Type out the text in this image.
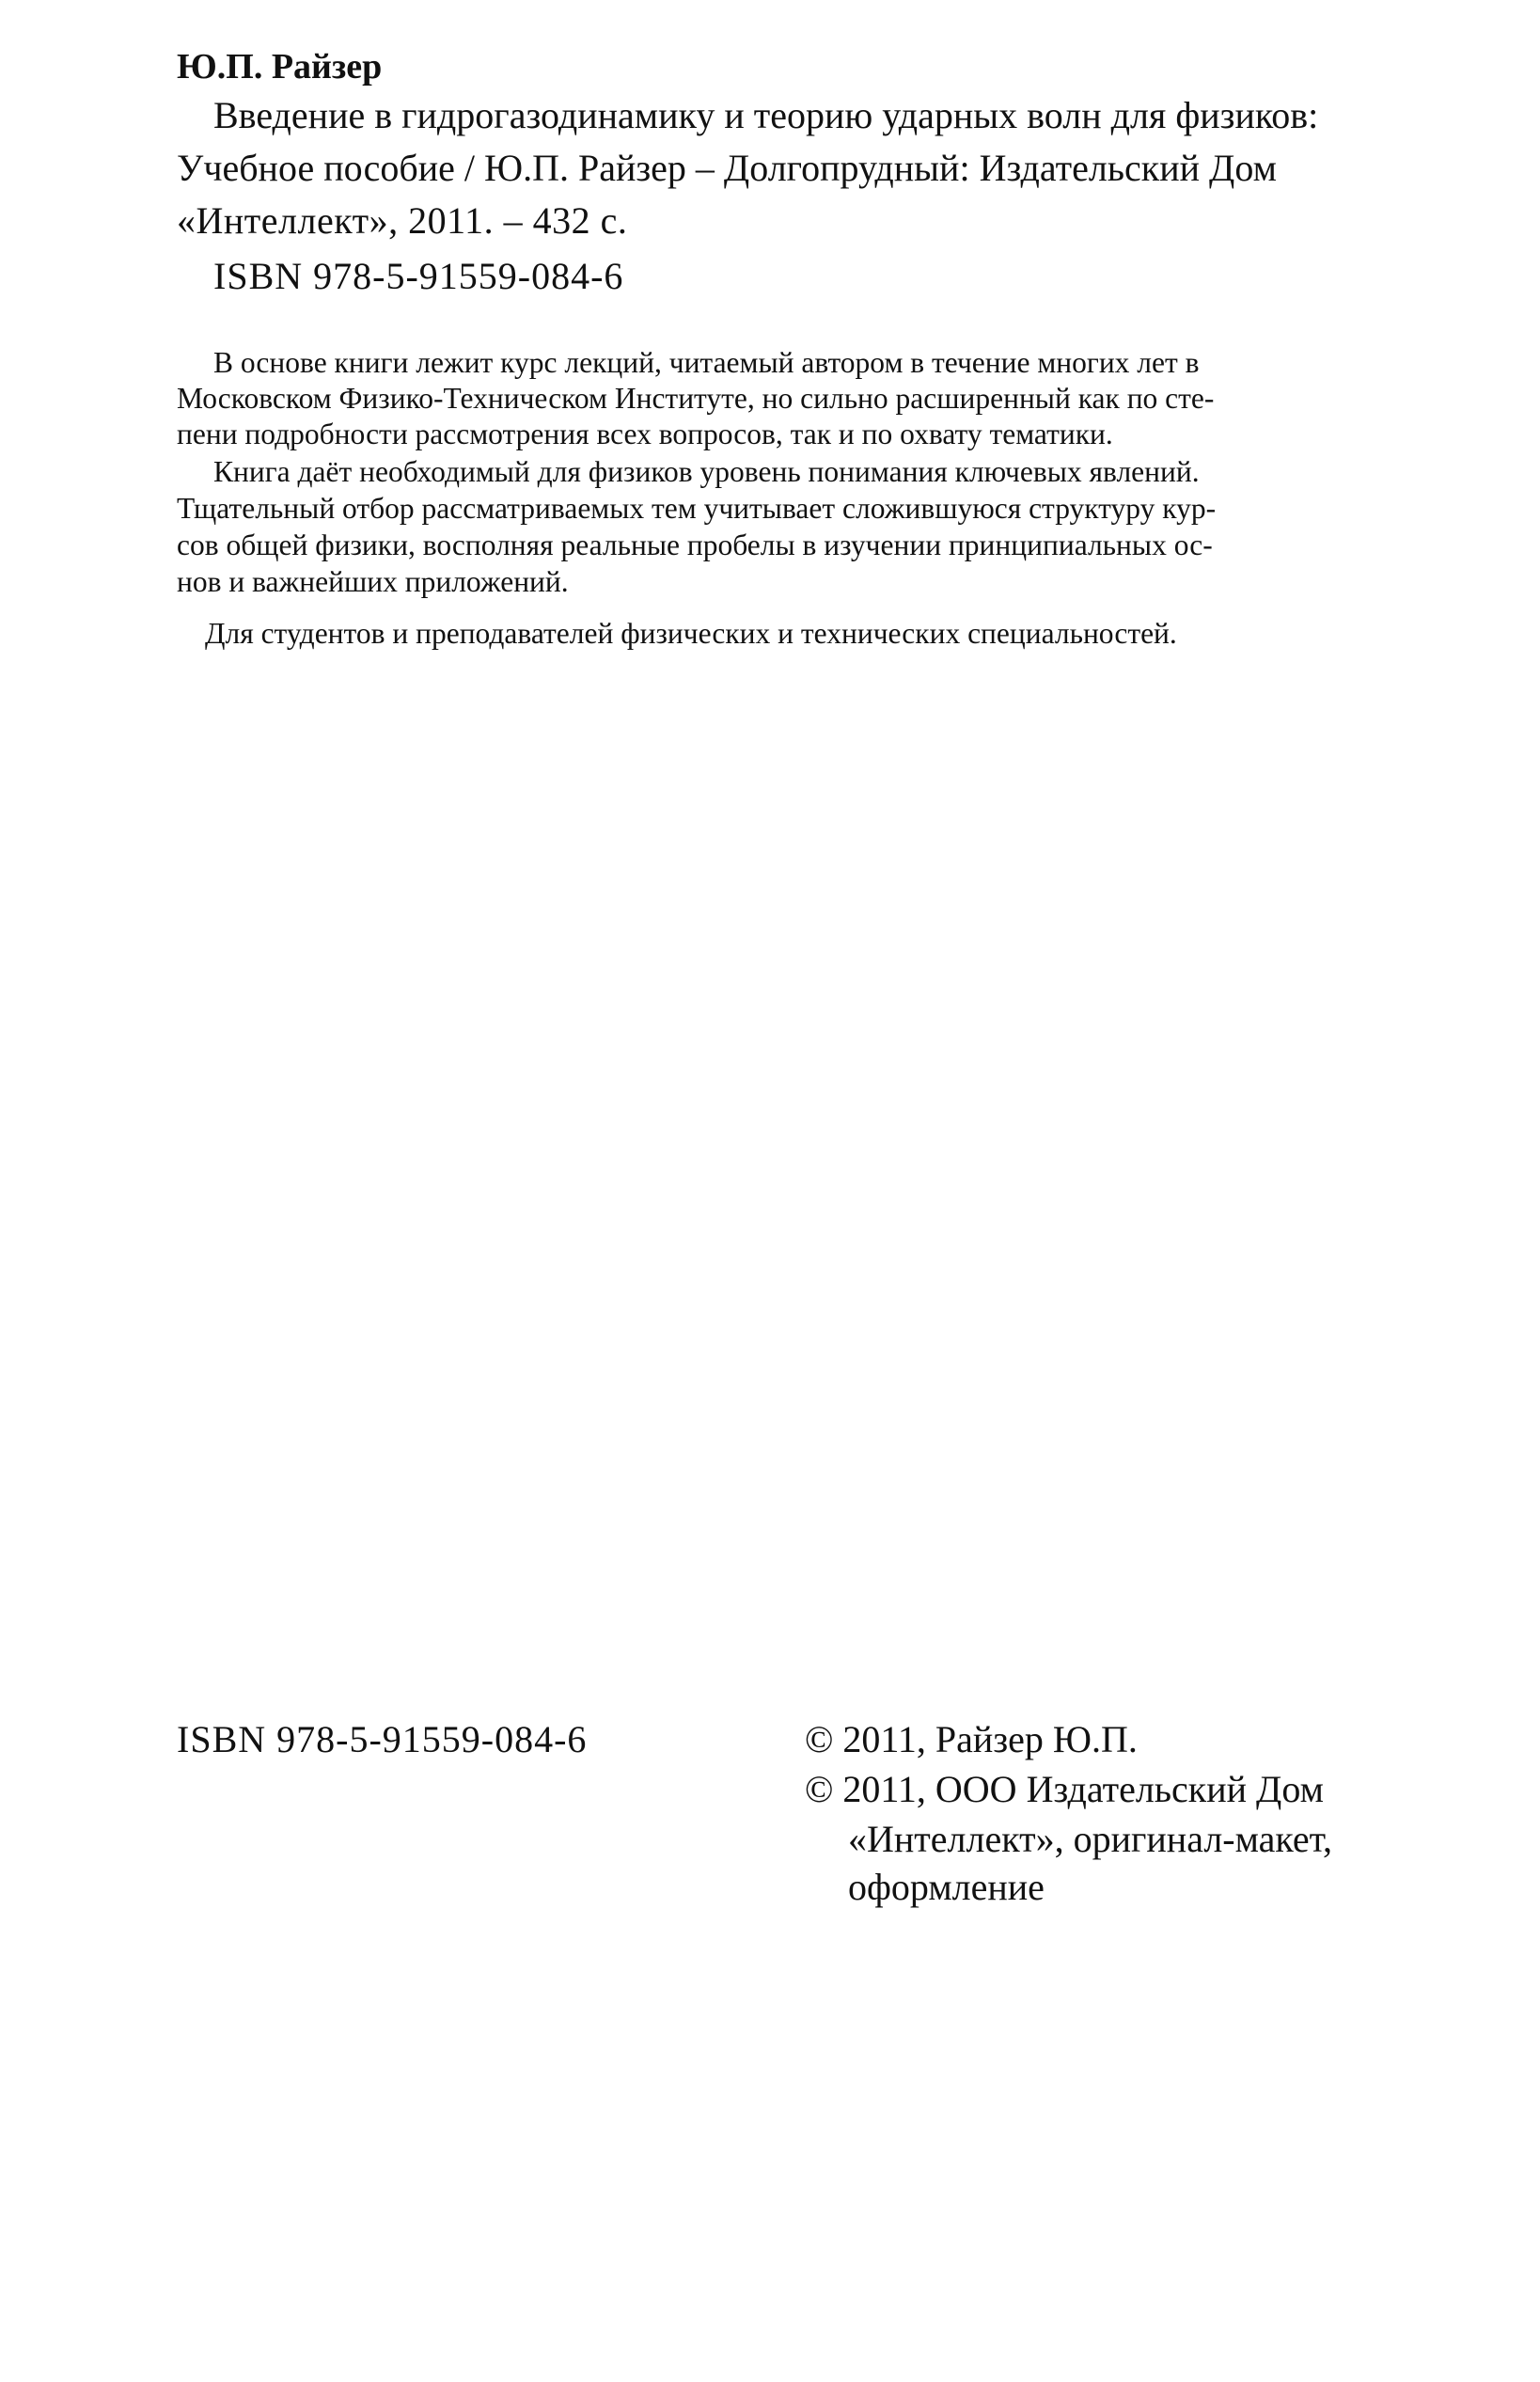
Ю.П. Райзер

Введение в гидрогазодинамику и теорию ударных волн для физиков:

Учебное пособие / Ю.П. Райзер – Долгопрудный: Издательский Дом

«Интеллект», 2011. – 432 с.

ISBN 978-5-91559-084-6

В основе книги лежит курс лекций, читаемый автором в течение многих лет в

Московском Физико-Техническом Институте, но сильно расширенный как по сте-

пени подробности рассмотрения всех вопросов, так и по охвату тематики.

Книга даёт необходимый для физиков уровень понимания ключевых явлений.

Тщательный отбор рассматриваемых тем учитывает сложившуюся структуру кур-

сов общей физики, восполняя реальные пробелы в изучении принципиальных ос-

нов и важнейших приложений.

Для студентов и преподавателей физических и технических специальностей.

ISBN 978-5-91559-084-6	© 2011, Райзер Ю.П.

© 2011, ООО Издательский Дом

«Интеллект», оригинал-макет,

оформление
